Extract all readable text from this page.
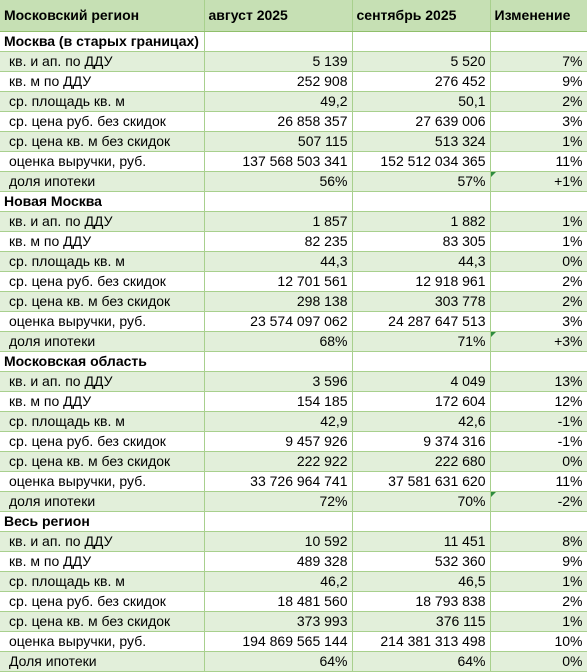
Московский регион	август 2025	сентябрь 2025	Изменение
Москва (в старых границах)			
кв. и ап. по ДДУ	5 139	5 520	7%
кв. м по ДДУ	252 908	276 452	9%
ср. площадь кв. м	49,2	50,1	2%
ср. цена руб. без скидок	26 858 357	27 639 006	3%
ср. цена кв. м без скидок	507 115	513 324	1%
оценка выручки, руб.	137 568 503 341	152 512 034 365	11%
доля ипотеки	56%	57%	+1%

Новая Москва			
кв. и ап. по ДДУ	1 857	1 882	1%
кв. м по ДДУ	82 235	83 305	1%
ср. площадь кв. м	44,3	44,3	0%
ср. цена руб. без скидок	12 701 561	12 918 961	2%
ср. цена кв. м без скидок	298 138	303 778	2%
оценка выручки, руб.	23 574 097 062	24 287 647 513	3%
доля ипотеки	68%	71%	+3%

Московская область			
кв. и ап. по ДДУ	3 596	4 049	13%
кв. м по ДДУ	154 185	172 604	12%
ср. площадь кв. м	42,9	42,6	-1%
ср. цена руб. без скидок	9 457 926	9 374 316	-1%
ср. цена кв. м без скидок	222 922	222 680	0%
оценка выручки, руб.	33 726 964 741	37 581 631 620	11%
доля ипотеки	72%	70%	-2%

Весь регион			
кв. и ап. по ДДУ	10 592	11 451	8%
кв. м по ДДУ	489 328	532 360	9%
ср. площадь кв. м	46,2	46,5	1%
ср. цена руб. без скидок	18 481 560	18 793 838	2%
ср. цена кв. м без скидок	373 993	376 115	1%
оценка выручки, руб.	194 869 565 144	214 381 313 498	10%
Доля ипотеки	64%	64%	0%
